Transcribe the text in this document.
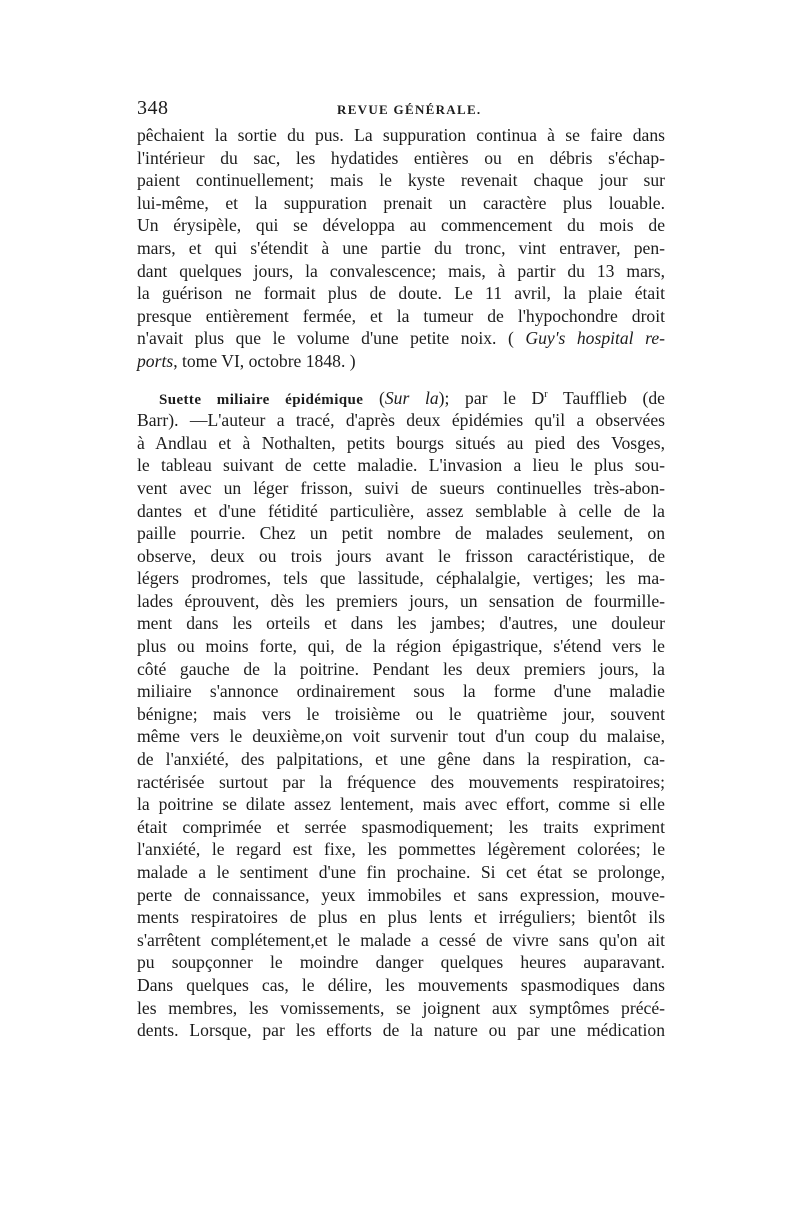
348	REVUE GÉNÉRALE.
pêchaient la sortie du pus. La suppuration continua à se faire dans
l'intérieur du sac, les hydatides entières ou en débris s'échap-
paient continuellement; mais le kyste revenait chaque jour sur
lui-même, et la suppuration prenait un caractère plus louable.
Un érysipèle, qui se développa au commencement du mois de
mars, et qui s'étendit à une partie du tronc, vint entraver, pen-
dant quelques jours, la convalescence; mais, à partir du 13 mars,
la guérison ne formait plus de doute. Le 11 avril, la plaie était
presque entièrement fermée, et la tumeur de l'hypochondre droit
n'avait plus que le volume d'une petite noix. ( Guy's hospital re-
ports, tome VI, octobre 1848. )
Suette miliaire épidémique (Sur la); par le $D^r$ Taufflieb (de
Barr). —L'auteur a tracé, d'après deux épidémies qu'il a observées
à Andlau et à Nothalten, petits bourgs situés au pied des Vosges,
le tableau suivant de cette maladie. L'invasion a lieu le plus sou-
vent avec un léger frisson, suivi de sueurs continuelles très-abon-
dantes et d'une fétidité particulière, assez semblable à celle de la
paille pourrie. Chez un petit nombre de malades seulement, on
observe, deux ou trois jours avant le frisson caractéristique, de
légers prodromes, tels que lassitude, céphalalgie, vertiges; les ma-
lades éprouvent, dès les premiers jours, un sensation de fourmille-
ment dans les orteils et dans les jambes; d'autres, une douleur
plus ou moins forte, qui, de la région épigastrique, s'étend vers le
côté gauche de la poitrine. Pendant les deux premiers jours, la
miliaire s'annonce ordinairement sous la forme d'une maladie
bénigne; mais vers le troisième ou le quatrième jour, souvent
même vers le deuxième,on voit survenir tout d'un coup du malaise,
de l'anxiété, des palpitations, et une gêne dans la respiration, ca-
ractérisée surtout par la fréquence des mouvements respiratoires;
la poitrine se dilate assez lentement, mais avec effort, comme si elle
était comprimée et serrée spasmodiquement; les traits expriment
l'anxiété, le regard est fixe, les pommettes légèrement colorées; le
malade a le sentiment d'une fin prochaine. Si cet état se prolonge,
perte de connaissance, yeux immobiles et sans expression, mouve-
ments respiratoires de plus en plus lents et irréguliers; bientôt ils
s'arrêtent complétement,et le malade a cessé de vivre sans qu'on ait
pu soupçonner le moindre danger quelques heures auparavant.
Dans quelques cas, le délire, les mouvements spasmodiques dans
les membres, les vomissements, se joignent aux symptômes précé-
dents. Lorsque, par les efforts de la nature ou par une médication
